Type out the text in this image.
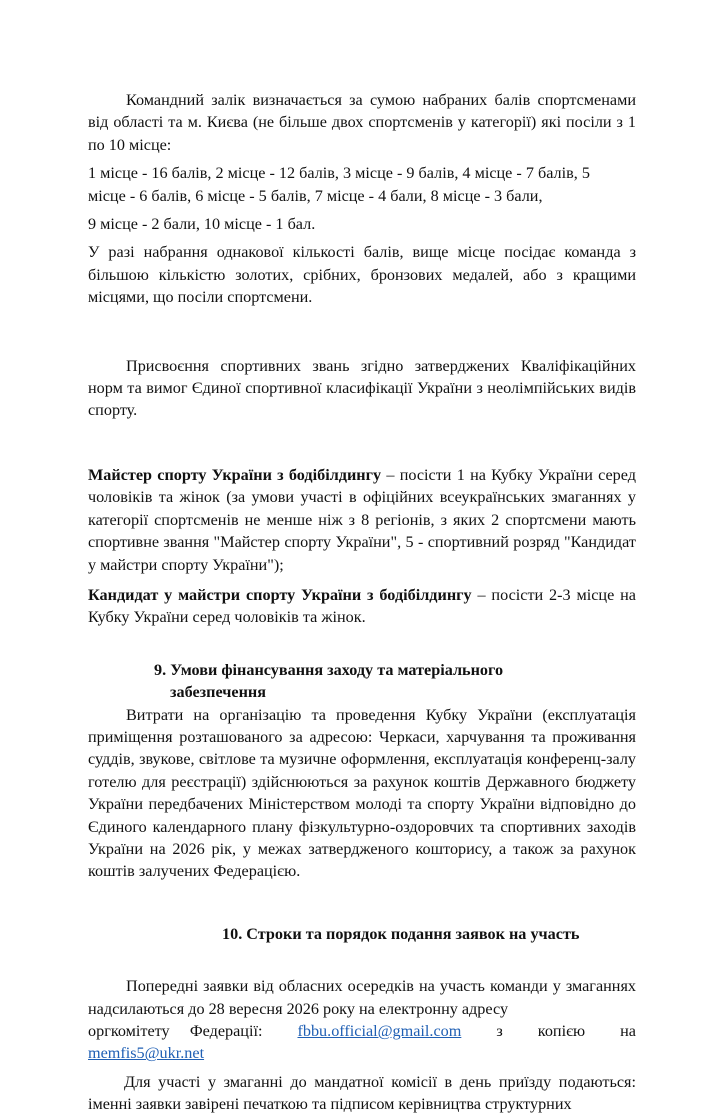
Командний залік визначається за сумою набраних балів спортсменами від області та м. Києва (не більше двох спортсменів у категорії) які посіли з 1 по 10 місце:

1 місце - 16 балів, 2 місце - 12 балів, 3 місце - 9 балів, 4 місце - 7 балів, 5
місце - 6 балів, 6 місце - 5 балів, 7 місце - 4 бали, 8 місце - 3 бали,
9 місце - 2 бали, 10 місце - 1 бал.

У разі набрання однакової кількості балів, вище місце посідає команда з більшою кількістю золотих, срібних, бронзових медалей, або з кращими місцями, що посіли спортсмени.

Присвоєння спортивних звань згідно затверджених Кваліфікаційних норм та вимог Єдиної спортивної класифікації України з неолімпійських видів спорту.

Майстер спорту України з бодібілдингу – посісти 1 на Кубку України серед чоловіків та жінок (за умови участі в офіційних всеукраїнських змаганнях у категорії спортсменів не менше ніж з 8 регіонів, з яких 2 спортсмени мають спортивне звання "Майстер спорту України", 5 - спортивний розряд "Кандидат у майстри спорту України");

Кандидат у майстри спорту України з бодібілдингу – посісти 2-3 місце на Кубку України серед чоловіків та жінок.

9. Умови фінансування заходу та матеріального
забезпечення

Витрати на організацію та проведення Кубку України (експлуатація приміщення розташованого за адресою: Черкаси, харчування та проживання суддів, звукове, світлове та музичне оформлення, експлуатація конференц-залу готелю для реєстрації) здійснюються за рахунок коштів Державного бюджету України передбачених Міністерством молоді та спорту України відповідно до Єдиного календарного плану фізкультурно-оздоровчих та спортивних заходів України на 2026 рік, у межах затвердженого кошторису, а також за рахунок коштів залучених Федерацією.

10. Строки та порядок подання заявок на участь

Попередні заявки від обласних осередків на участь команди у змаганнях надсилаються до 28 вересня 2026 року на електронну адресу

оргкомітету     Федерації: fbbu.official@gmail.com з копією на
memfis5@ukr.net

Для участі у змаганні до мандатної комісії в день приїзду подаються: іменні заявки завірені печаткою та підписом керівництва структурних
